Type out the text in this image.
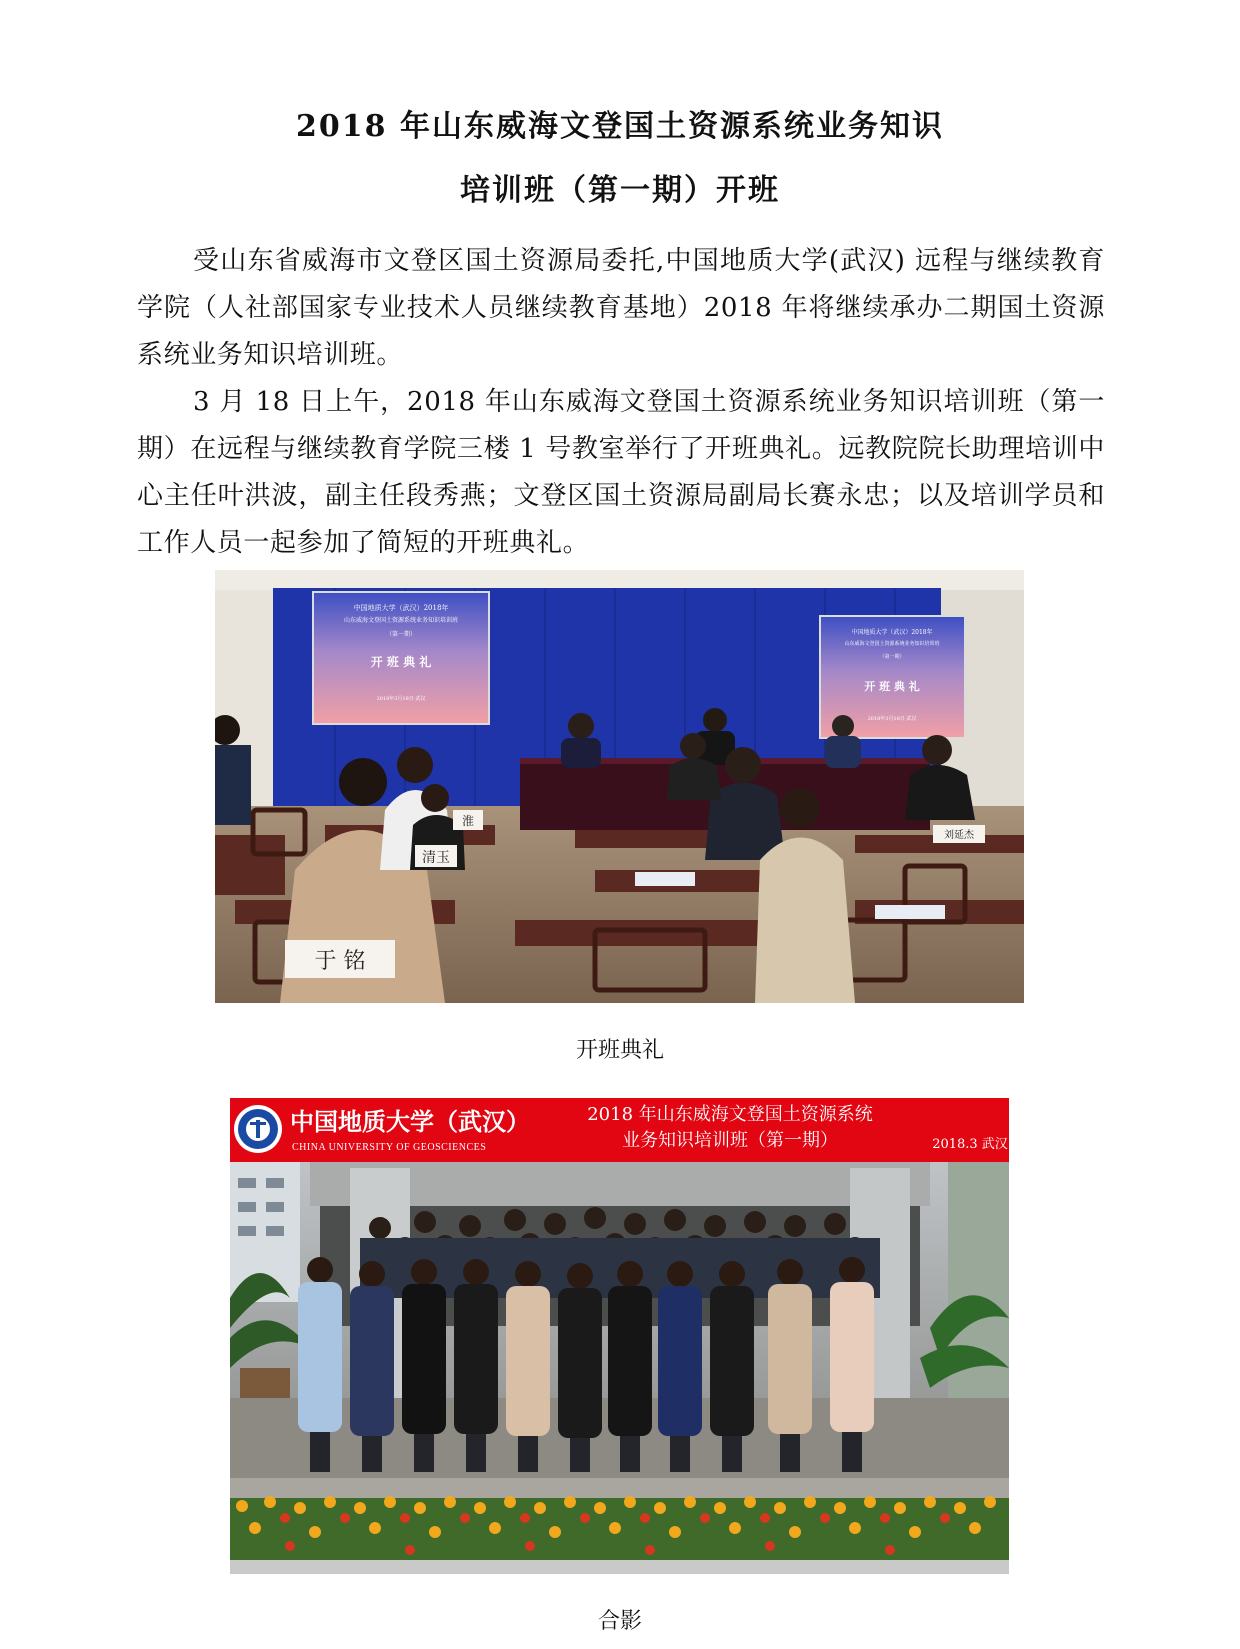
2018 年山东威海文登国土资源系统业务知识
培训班（第一期）开班

受山东省威海市文登区国土资源局委托,中国地质大学(武汉) 远程与继续教育学院（人社部国家专业技术人员继续教育基地）2018 年将继续承办二期国土资源系统业务知识培训班。

3 月 18 日上午，2018 年山东威海文登国土资源系统业务知识培训班（第一期）在远程与继续教育学院三楼 1 号教室举行了开班典礼。远教院院长助理培训中心主任叶洪波，副主任段秀燕；文登区国土资源局副局长赛永忠；以及培训学员和工作人员一起参加了简短的开班典礼。

中国地质大学（武汉）2018年
山东威海文登国土资源系统业务知识培训班
（第一期）
开 班 典 礼
2018年3月18日·武汉
中国地质大学（武汉）2018年
山东威海文登国土资源系统业务知识培训班
（第一期）
开 班 典 礼
2018年3月18日·武汉
于 铭
清玉
淮
刘延杰

开班典礼

中国地质大学（武汉）
CHINA UNIVERSITY OF GEOSCIENCES
2018 年山东威海文登国土资源系统
业务知识培训班（第一期）	2018.3 武汉

合影
